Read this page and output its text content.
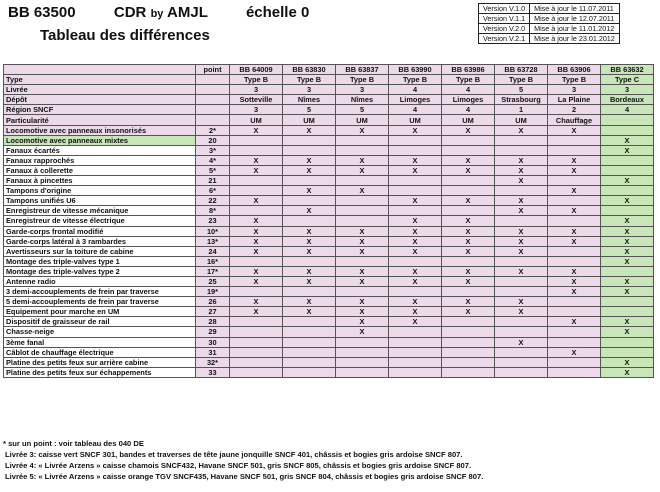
BB 63500	CDR by AMJL	échelle 0
Tableau des différences
Version V.1.0	Mise à jour le 11.07.2011
Version V.1.1	Mise à jour le 12.07.2011
Version V.2.0	Mise à jour le 11.01.2012
Version V.2.1	Mise à jour le 23.01.2012
	point	BB 64009	BB 63830	BB 63837	BB 63990	BB 63986	BB 63728	BB 63906	BB 63632
Type		Type B	Type B	Type B	Type B	Type B	Type B	Type B	Type C
Livrée		3	3	3	4	4	5	3	3
Dépôt		Sotteville	Nîmes	Nîmes	Limoges	Limoges	Strasbourg	La Plaine	Bordeaux
Région SNCF		3	5	5	4	4	1	2	4
Particularité		UM	UM	UM	UM	UM	UM	Chauffage	
Locomotive avec panneaux insonorisés	2*	X	X	X	X	X	X	X	
Locomotive avec panneaux mixtes	20								X
Fanaux écartés	3*								X
Fanaux rapprochés	4*	X	X	X	X	X	X	X	
Fanaux à collerette	5*	X	X	X	X	X	X	X	
Fanaux à pincettes	21						X		X
Tampons d'origine	6*		X	X				X	
Tampons unifiés U6	22	X			X	X	X		X
Enregistreur de vitesse mécanique	8*		X				X	X	
Enregistreur de vitesse électrique	23	X			X	X			X
Garde-corps frontal modifié	10*	X	X	X	X	X	X	X	X
Garde-corps latéral à 3 rambardes	13*	X	X	X	X	X	X	X	X
Avertisseurs sur la toiture de cabine	24	X	X	X	X	X	X		X
Montage des triple-valves type 1	16*								X
Montage des triple-valves type 2	17*	X	X	X	X	X	X	X	
Antenne radio	25	X	X	X	X	X		X	X
3 demi-accouplements de frein par traverse	19*							X	X
5 demi-accouplements de frein par traverse	26	X	X	X	X	X	X		
Equipement pour marche en UM	27	X	X	X	X	X	X		
Dispositif de graisseur de rail	28			X	X			X	X
Chasse-neige	29			X					X
3ème fanal	30						X		
Câblot de chauffage électrique	31							X	
Platine des petits feux sur arrière cabine	32*								X
Platine des petits feux sur échappements	33								X
* sur un point : voir tableau des 040 DE
Livrée 3: caisse vert SNCF 301, bandes et traverses de tête jaune jonquille SNCF 401, châssis et bogies gris ardoise SNCF 807.
Livrée 4: « Livrée Arzens » caisse chamois SNCF432, Havane SNCF 501, gris SNCF 805, châssis et bogies gris ardoise SNCF 807.
Livrée 5: « Livrée Arzens » caisse orange TGV SNCF435, Havane SNCF 501, gris SNCF 804, châssis et bogies gris ardoise SNCF 807.
